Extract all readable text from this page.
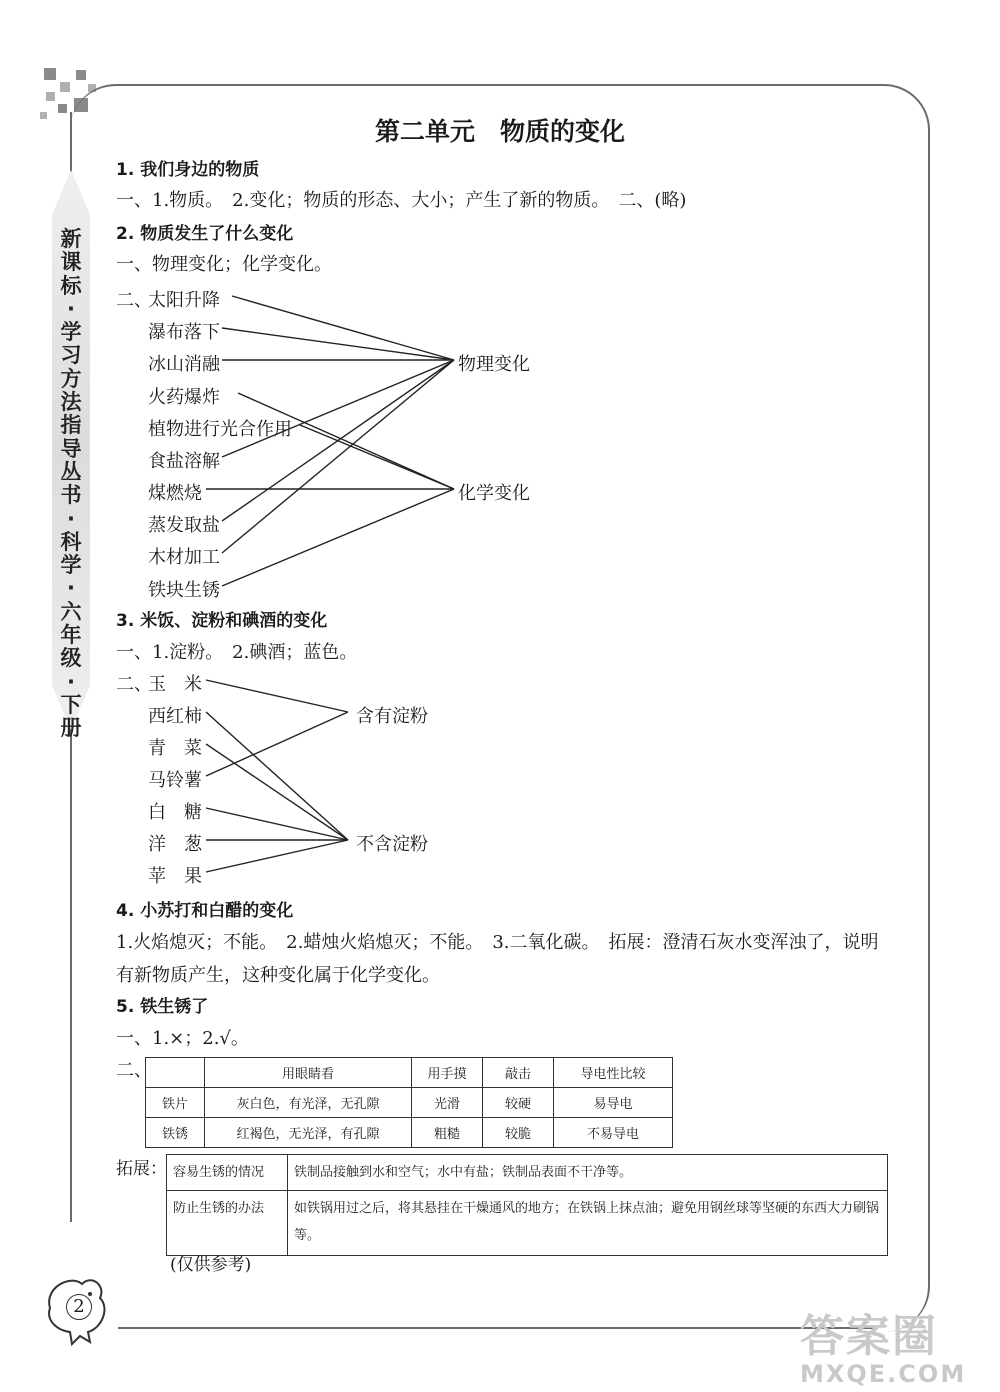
新课标·学习方法指导丛书·科学·六年级·下册
第二单元　物质的变化
1. 我们身边的物质
一、1.物质。　2.变化；物质的形态、大小；产生了新的物质。　二、(略)
2. 物质发生了什么变化
一、物理变化；化学变化。
二、
太阳升降
瀑布落下
冰山消融
火药爆炸
植物进行光合作用
食盐溶解
煤燃烧
蒸发取盐
木材加工
铁块生锈
物理变化
化学变化
3. 米饭、淀粉和碘酒的变化
一、1.淀粉。　2.碘酒；蓝色。
二、
玉　米
西红柿
青　菜
马铃薯
白　糖
洋　葱
苹　果
含有淀粉
不含淀粉
4. 小苏打和白醋的变化
1.火焰熄灭；不能。　2.蜡烛火焰熄灭；不能。　3.二氧化碳。　拓展：澄清石灰水变浑浊了，说明
有新物质产生，这种变化属于化学变化。
5. 铁生锈了
一、1.×；2.√。
二、
		用眼睛看	用手摸	敲击	导电性比较
铁片	灰白色，有光泽，无孔隙	光滑	较硬	易导电
铁锈	红褐色，无光泽，有孔隙	粗糙	较脆	不易导电
拓展： 容易生锈的情况	铁制品接触到水和空气；水中有盐；铁制品表面不干净等。
防止生锈的办法	如铁锅用过之后，将其悬挂在干燥通风的地方；在铁锅上抹点油；避免用钢丝球等坚硬的东西大力刷锅等。
(仅供参考)
2
答案圈
MXQE.COM
